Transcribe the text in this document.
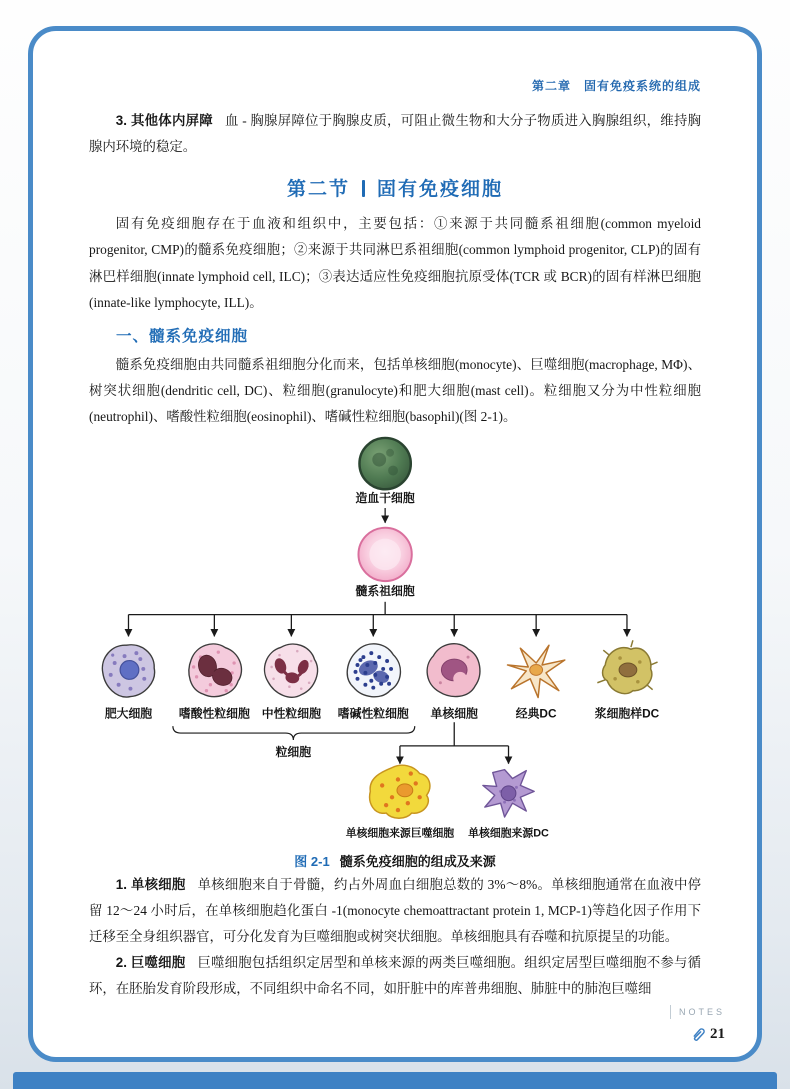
第二章　固有免疫系统的组成

3. 其他体内屏障 血 - 胸腺屏障位于胸腺皮质，可阻止微生物和大分子物质进入胸腺组织，维持胸腺内环境的稳定。

第二节 固有免疫细胞

固有免疫细胞存在于血液和组织中，主要包括：①来源于共同髓系祖细胞(common myeloid progenitor, CMP)的髓系免疫细胞；②来源于共同淋巴系祖细胞(common lymphoid progenitor, CLP)的固有淋巴样细胞(innate lymphoid cell, ILC)；③表达适应性免疫细胞抗原受体(TCR 或 BCR)的固有样淋巴细胞(innate-like lymphocyte, ILL)。

一、髓系免疫细胞

髓系免疫细胞由共同髓系祖细胞分化而来，包括单核细胞(monocyte)、巨噬细胞(macrophage, MΦ)、树突状细胞(dendritic cell, DC)、粒细胞(granulocyte)和肥大细胞(mast cell)。粒细胞又分为中性粒细胞(neutrophil)、嗜酸性粒细胞(eosinophil)、嗜碱性粒细胞(basophil)(图 2-1)。

造血干细胞
髓系祖细胞
肥大细胞 嗜酸性粒细胞 中性粒细胞 嗜碱性粒细胞 单核细胞	经典DC	浆细胞样DC
粒细胞
单核细胞来源巨噬细胞 单核细胞来源DC
图 2-1 髓系免疫细胞的组成及来源

1. 单核细胞 单核细胞来自于骨髓，约占外周血白细胞总数的 3%～8%。单核细胞通常在血液中停留 12～24 小时后，在单核细胞趋化蛋白 -1(monocyte chemoattractant protein 1, MCP-1)等趋化因子作用下迁移至全身组织器官，可分化发育为巨噬细胞或树突状细胞。单核细胞具有吞噬和抗原提呈的功能。

2. 巨噬细胞 巨噬细胞包括组织定居型和单核来源的两类巨噬细胞。组织定居型巨噬细胞不参与循环，在胚胎发育阶段形成，不同组织中命名不同，如肝脏中的库普弗细胞、肺脏中的肺泡巨噬细

NOTES
21
